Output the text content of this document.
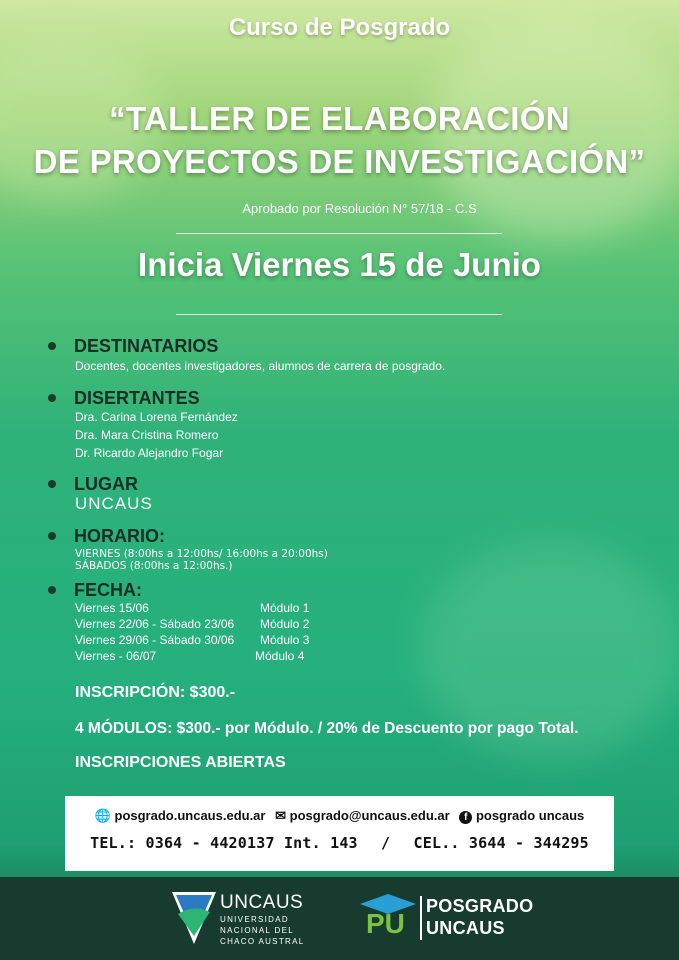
Curso de Posgrado
“TALLER DE ELABORACIÓN
DE PROYECTOS DE INVESTIGACIÓN”
Aprobado por Resolución N° 57/18 - C.S
Inicia Viernes 15 de Junio
DESTINATARIOS
Docentes, docentes investigadores, alumnos de carrera de posgrado.
DISERTANTES
Dra. Carina Lorena Fernández
Dra. Mara Cristina Romero
Dr. Ricardo Alejandro Fogar
LUGAR
UNCAUS
HORARIO:
VIERNES (8:00hs a 12:00hs/ 16:00hs a 20:00hs)
SÁBADOS (8:00hs a 12:00hs.)
FECHA:
Viernes 15/06	Módulo 1
Viernes 22/06 - Sábado 23/06 Módulo 2
Viernes 29/06 - Sábado 30/06 Módulo 3
Viernes - 06/07	Módulo 4
INSCRIPCIÓN: $300.-
4 MÓDULOS: $300.- por Módulo. / 20% de Descuento por pago Total.
INSCRIPCIONES ABIERTAS
🌐 posgrado.uncaus.edu.ar ✉ posgrado@uncaus.edu.ar f posgrado uncaus
TEL.: 0364 - 4420137 Int. 143 / CEL.. 3644 - 344295
UNCAUS
UNIVERSIDAD
NACIONAL DEL
CHACO AUSTRAL
PU
POSGRADO
UNCAUS
